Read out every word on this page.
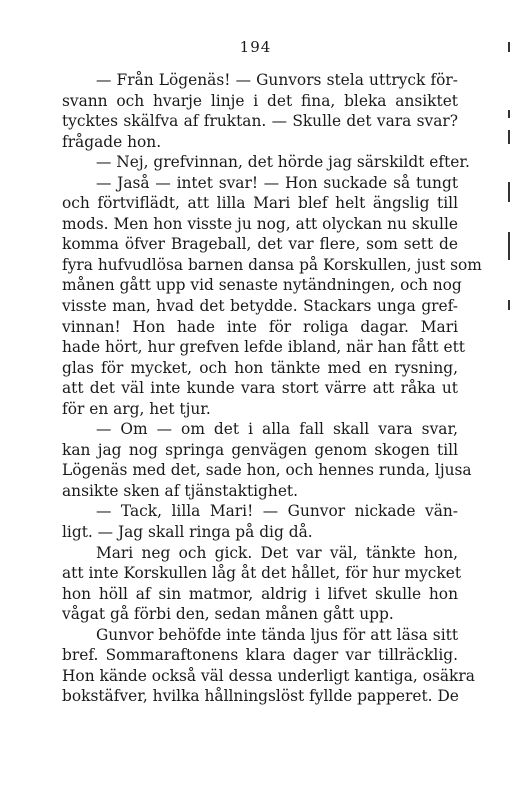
194
— Från Lögenäs! — Gunvors stela uttryck för-
svann och hvarje linje i det fina, bleka ansiktet
tycktes skälfva af fruktan. — Skulle det vara svar?
frågade hon.
— Nej, grefvinnan, det hörde jag särskildt efter.
— Jaså — intet svar! — Hon suckade så tungt
och förtviflädt, att lilla Mari blef helt ängslig till
mods. Men hon visste ju nog, att olyckan nu skulle
komma öfver Brageball, det var flere, som sett de
fyra hufvudlösa barnen dansa på Korskullen, just som
månen gått upp vid senaste nytändningen, och nog
visste man, hvad det betydde. Stackars unga gref-
vinnan! Hon hade inte för roliga dagar. Mari
hade hört, hur grefven lefde ibland, när han fått ett
glas för mycket, och hon tänkte med en rysning,
att det väl inte kunde vara stort värre att råka ut
för en arg, het tjur.
— Om — om det i alla fall skall vara svar,
kan jag nog springa genvägen genom skogen till
Lögenäs med det, sade hon, och hennes runda, ljusa
ansikte sken af tjänstaktighet.
— Tack, lilla Mari! — Gunvor nickade vän-
ligt. — Jag skall ringa på dig då.
Mari neg och gick. Det var väl, tänkte hon,
att inte Korskullen låg åt det hållet, för hur mycket
hon höll af sin matmor, aldrig i lifvet skulle hon
vågat gå förbi den, sedan månen gått upp.
Gunvor behöfde inte tända ljus för att läsa sitt
bref. Sommaraftonens klara dager var tillräcklig.
Hon kände också väl dessa underligt kantiga, osäkra
bokstäfver, hvilka hållningslöst fyllde papperet. De
